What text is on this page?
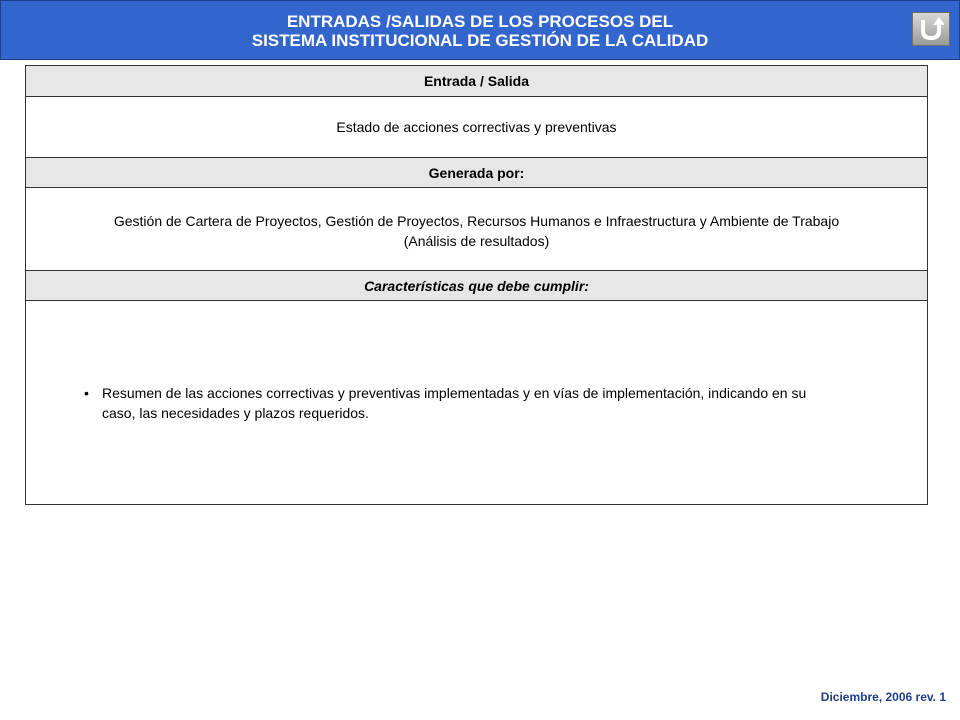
ENTRADAS /SALIDAS DE LOS PROCESOS DEL
SISTEMA INSTITUCIONAL DE GESTIÓN DE LA CALIDAD
Entrada / Salida
Estado de acciones correctivas y preventivas
Generada por:
Gestión de Cartera de Proyectos, Gestión de Proyectos, Recursos Humanos e Infraestructura y Ambiente de Trabajo
(Análisis de resultados)
Características que debe cumplir:
• Resumen de las acciones correctivas y preventivas implementadas y en vías de implementación, indicando en su
caso, las necesidades y plazos requeridos.
Diciembre, 2006 rev. 1
